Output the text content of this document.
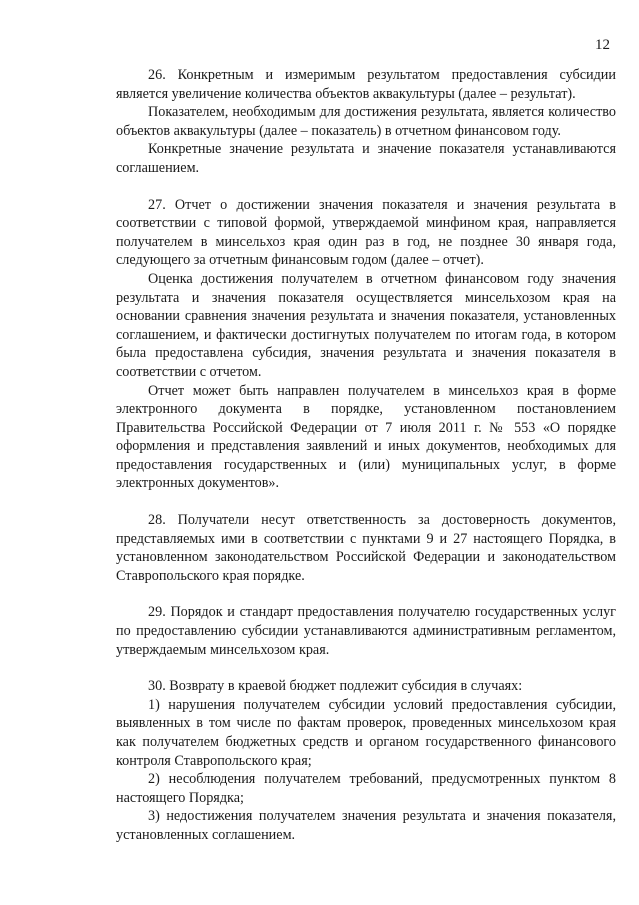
12

26. Конкретным и измеримым результатом предоставления субсидии является увеличение количества объектов аквакультуры (далее – результат).

Показателем, необходимым для достижения результата, является количество объектов аквакультуры (далее – показатель) в отчетном финансовом году.

Конкретные значение результата и значение показателя устанавливаются соглашением.

27. Отчет о достижении значения показателя и значения результата в соответствии с типовой формой, утверждаемой минфином края, направляется получателем в минсельхоз края один раз в год, не позднее 30 января года, следующего за отчетным финансовым годом (далее – отчет).

Оценка достижения получателем в отчетном финансовом году значения результата и значения показателя осуществляется минсельхозом края на основании сравнения значения результата и значения показателя, установленных соглашением, и фактически достигнутых получателем по итогам года, в котором была предоставлена субсидия, значения результата и значения показателя в соответствии с отчетом.

Отчет может быть направлен получателем в минсельхоз края в форме электронного документа в порядке, установленном постановлением Правительства Российской Федерации от 7 июля 2011 г. № 553 «О порядке оформления и представления заявлений и иных документов, необходимых для предоставления государственных и (или) муниципальных услуг, в форме электронных документов».

28. Получатели несут ответственность за достоверность документов, представляемых ими в соответствии с пунктами 9 и 27 настоящего Порядка, в установленном законодательством Российской Федерации и законодательством Ставропольского края порядке.

29. Порядок и стандарт предоставления получателю государственных услуг по предоставлению субсидии устанавливаются административным регламентом, утверждаемым минсельхозом края.

30. Возврату в краевой бюджет подлежит субсидия в случаях:

1) нарушения получателем субсидии условий предоставления субсидии, выявленных в том числе по фактам проверок, проведенных минсельхозом края как получателем бюджетных средств и органом государственного финансового контроля Ставропольского края;

2) несоблюдения получателем требований, предусмотренных пунктом 8 настоящего Порядка;

3) недостижения получателем значения результата и значения показателя, установленных соглашением.
